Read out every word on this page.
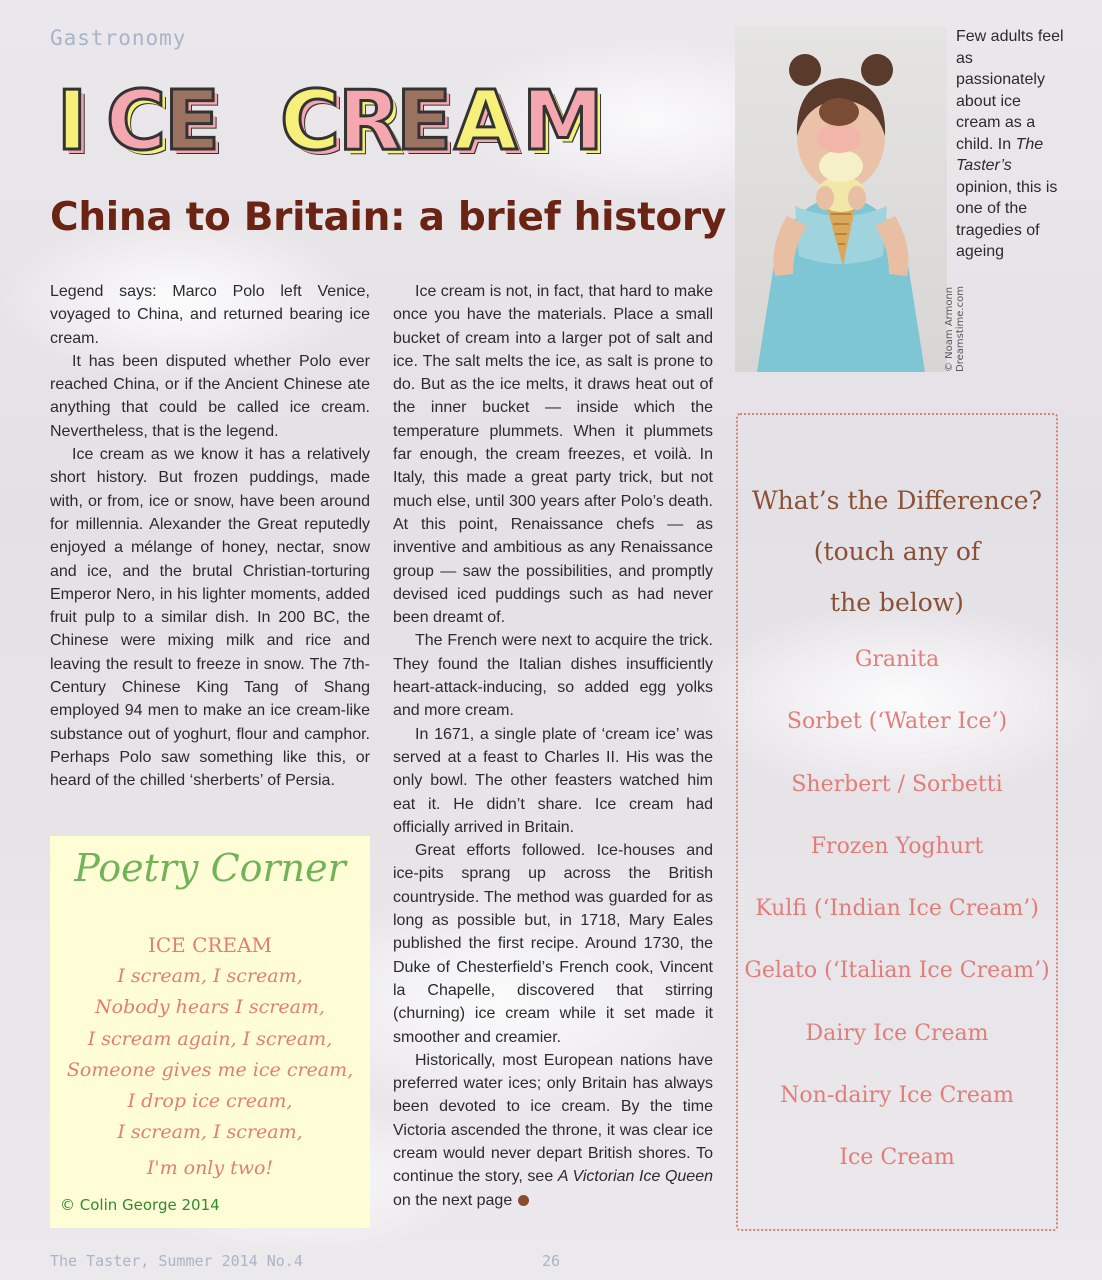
Gastronomy
I C
E C
R
E A M
China to Britain: a brief history

Legend says: Marco Polo left Venice, voyaged to China, and returned bearing ice cream.

It has been disputed whether Polo ever reached China, or if the Ancient Chinese ate anything that could be called ice cream. Nevertheless, that is the legend.

Ice cream as we know it has a relatively short history. But frozen puddings, made with, or from, ice or snow, have been around for millennia. Alexander the Great reputedly enjoyed a mélange of honey, nectar, snow and ice, and the brutal Christian-torturing Emperor Nero, in his lighter moments, added fruit pulp to a similar dish. In 200 BC, the Chinese were mixing milk and rice and leaving the result to freeze in snow. The 7th-Century Chinese King Tang of Shang employed 94 men to make an ice cream-like substance out of yoghurt, flour and camphor. Perhaps Polo saw something like this, or heard of the chilled ‘sherberts’ of Persia.

Ice cream is not, in fact, that hard to make once you have the materials. Place a small bucket of cream into a larger pot of salt and ice. The salt melts the ice, as salt is prone to do. But as the ice melts, it draws heat out of the inner bucket — inside which the temperature plummets. When it plummets far enough, the cream freezes, et voilà. In Italy, this made a great party trick, but not much else, until 300 years after Polo’s death. At this point, Renaissance chefs — as inventive and ambitious as any Renaissance group — saw the possibilities, and promptly devised iced puddings such as had never been dreamt of.

The French were next to acquire the trick. They found the Italian dishes insufficiently heart-attack-inducing, so added egg yolks and more cream.

In 1671, a single plate of ‘cream ice’ was served at a feast to Charles II. His was the only bowl. The other feasters watched him eat it. He didn’t share. Ice cream had officially arrived in Britain.

Great efforts followed. Ice-houses and ice-pits sprang up across the British countryside. The method was guarded for as long as possible but, in 1718, Mary Eales published the first recipe. Around 1730, the Duke of Chesterfield’s French cook, Vincent la Chapelle, discovered that stirring (churning) ice cream while it set made it smoother and creamier.

Historically, most European nations have preferred water ices; only Britain has always been devoted to ice cream. By the time Victoria ascended the throne, it was clear ice cream would never depart British shores. To continue the story, see A Victorian Ice Queen on the next page

Poetry Corner
ICE CREAM
I scream, I scream,
Nobody hears I scream,
I scream again, I scream,
Someone gives me ice cream,
I drop ice cream,
I scream, I scream,
I'm only two!
© Colin George 2014
© Noam Armonn Dreamstime.com
Few adults feel as passionately about ice cream as a child. In The Taster’s opinion, this is one of the tragedies of ageing
What’s the Difference?
(touch any of
the below)
Granita
Sorbet (‘Water Ice’)
Sherbert / Sorbetti
Frozen Yoghurt
Kulfi (‘Indian Ice Cream’)
Gelato (‘Italian Ice Cream’)
Dairy Ice Cream
Non-dairy Ice Cream
Ice Cream
The Taster, Summer 2014 No.4	26
